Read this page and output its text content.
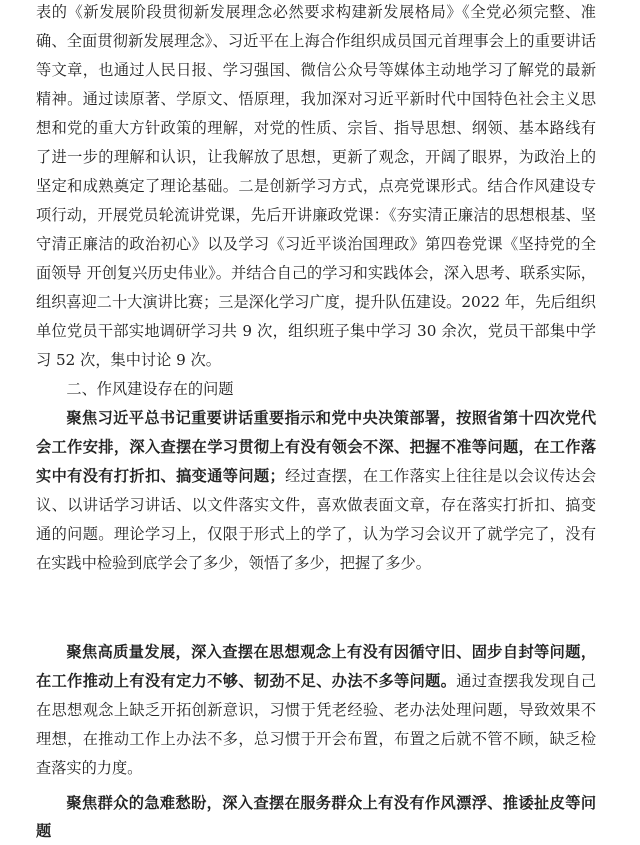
表的《新发展阶段贯彻新发展理念必然要求构建新发展格局》《全党必须完整、准确、全面贯彻新发展理念》、习近平在上海合作组织成员国元首理事会上的重要讲话等文章，也通过人民日报、学习强国、微信公众号等媒体主动地学习了解党的最新精神。通过读原著、学原文、悟原理，我加深对习近平新时代中国特色社会主义思想和党的重大方针政策的理解，对党的性质、宗旨、指导思想、纲领、基本路线有了进一步的理解和认识，让我解放了思想，更新了观念，开阔了眼界，为政治上的坚定和成熟奠定了理论基础。二是创新学习方式，点亮党课形式。结合作风建设专项行动，开展党员轮流讲党课，先后开讲廉政党课：《夯实清正廉洁的思想根基、坚守清正廉洁的政治初心》以及学习《习近平谈治国理政》第四卷党课《坚持党的全面领导 开创复兴历史伟业》。并结合自己的学习和实践体会，深入思考、联系实际，组织喜迎二十大演讲比赛；三是深化学习广度，提升队伍建设。2022 年，先后组织单位党员干部实地调研学习共 9 次，组织班子集中学习 30 余次，党员干部集中学习 52 次，集中讨论 9 次。

二、作风建设存在的问题

聚焦习近平总书记重要讲话重要指示和党中央决策部署，按照省第十四次党代会工作安排，深入查摆在学习贯彻上有没有领会不深、把握不准等问题，在工作落实中有没有打折扣、搞变通等问题；经过查摆，在工作落实上往往是以会议传达会议、以讲话学习讲话、以文件落实文件，喜欢做表面文章，存在落实打折扣、搞变通的问题。理论学习上，仅限于形式上的学了，认为学习会议开了就学完了，没有在实践中检验到底学会了多少，领悟了多少，把握了多少。

聚焦高质量发展，深入查摆在思想观念上有没有因循守旧、固步自封等问题，在工作推动上有没有定力不够、韧劲不足、办法不多等问题。通过查摆我发现自己在思想观念上缺乏开拓创新意识，习惯于凭老经验、老办法处理问题，导致效果不理想，在推动工作上办法不多，总习惯于开会布置，布置之后就不管不顾，缺乏检查落实的力度。

聚焦群众的急难愁盼，深入查摆在服务群众上有没有作风漂浮、推诿扯皮等问题
